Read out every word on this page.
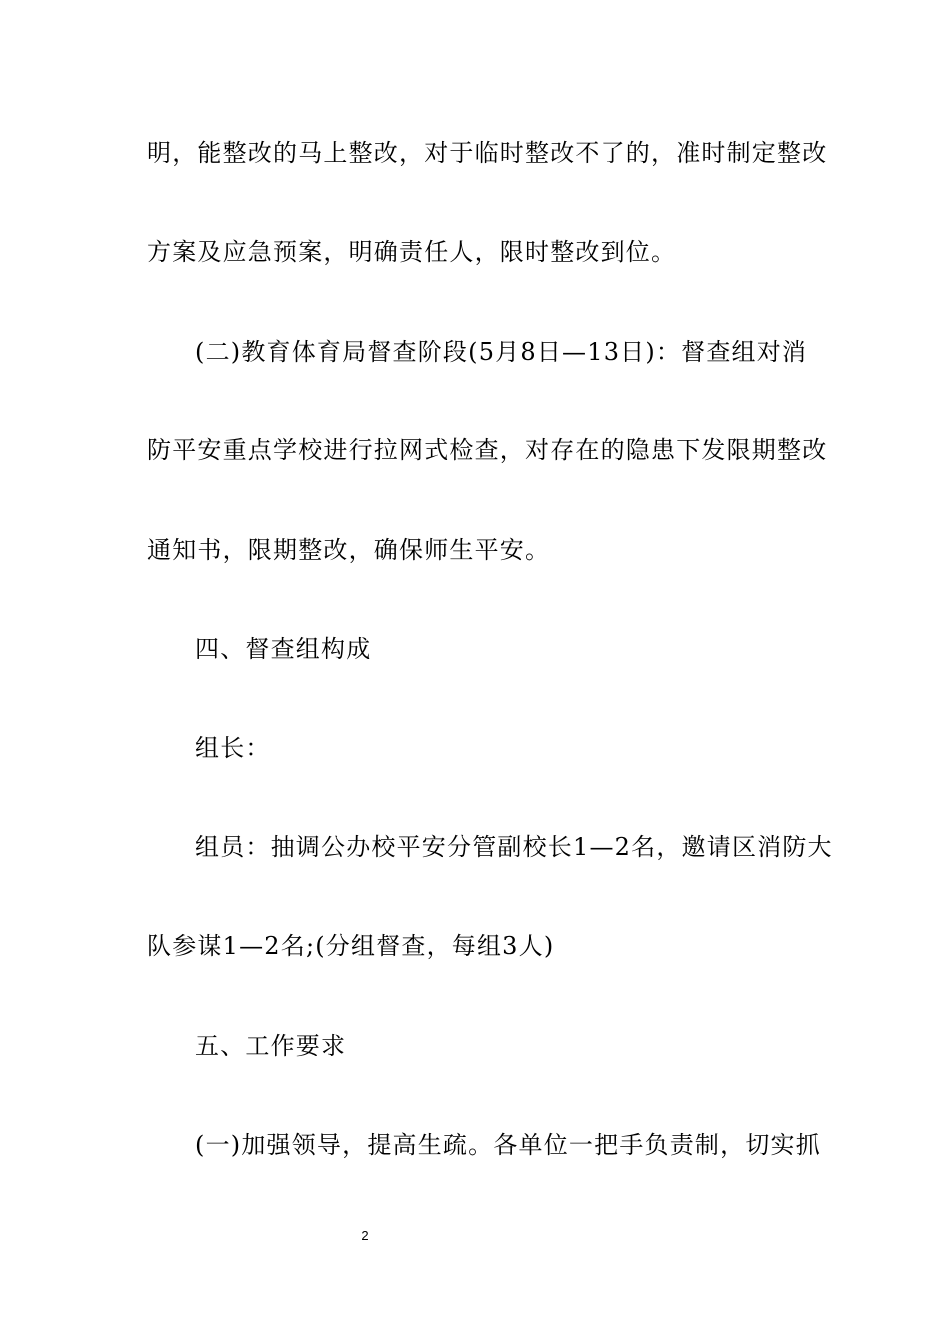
明，能整改的马上整改，对于临时整改不了的，准时制定整改
方案及应急预案，明确责任人，限时整改到位。
(二)教育体育局督查阶段(5月8日—13日)：督查组对消
防平安重点学校进行拉网式检查，对存在的隐患下发限期整改
通知书，限期整改，确保师生平安。
四、督查组构成
组长：
组员：抽调公办校平安分管副校长1—2名，邀请区消防大
队参谋1—2名;(分组督查，每组3人)
五、工作要求
(一)加强领导，提高生疏。各单位一把手负责制，切实抓
2
